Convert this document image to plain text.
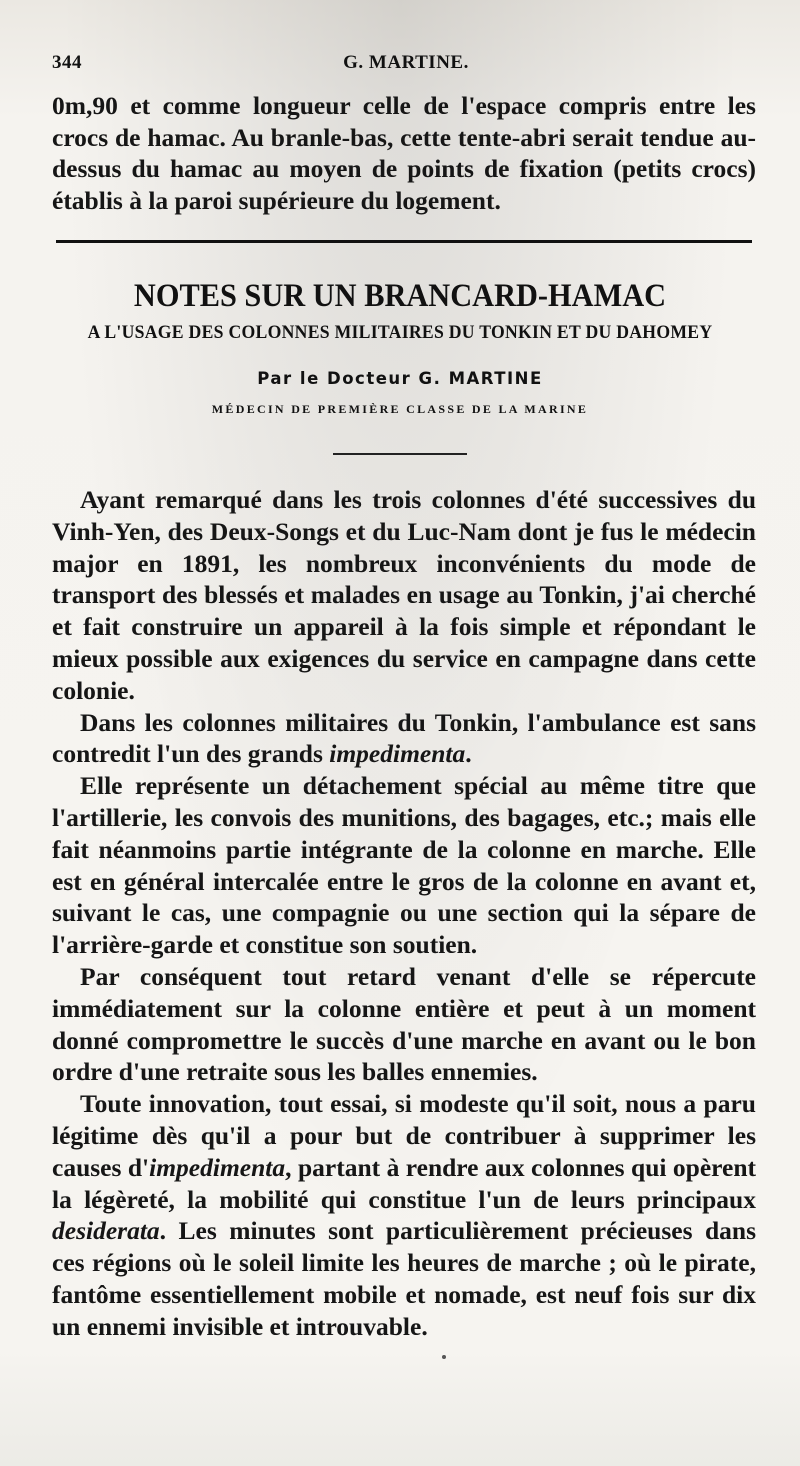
344	G. MARTINE.

0m,90 et comme longueur celle de l'espace compris entre les crocs de hamac. Au branle-bas, cette tente-abri serait tendue au-dessus du hamac au moyen de points de fixation (petits crocs) établis à la paroi supérieure du logement.

NOTES SUR UN BRANCARD-HAMAC
A L'USAGE DES COLONNES MILITAIRES DU TONKIN ET DU DAHOMEY
Par le Docteur G. MARTINE
MÉDECIN DE PREMIÈRE CLASSE DE LA MARINE

Ayant remarqué dans les trois colonnes d'été successives du Vinh-Yen, des Deux-Songs et du Luc-Nam dont je fus le médecin major en 1891, les nombreux inconvénients du mode de transport des blessés et malades en usage au Tonkin, j'ai cherché et fait construire un appareil à la fois simple et répondant le mieux possible aux exigences du service en campagne dans cette colonie.

Dans les colonnes militaires du Tonkin, l'ambulance est sans contredit l'un des grands impedimenta.

Elle représente un détachement spécial au même titre que l'artillerie, les convois des munitions, des bagages, etc.; mais elle fait néanmoins partie intégrante de la colonne en marche. Elle est en général intercalée entre le gros de la colonne en avant et, suivant le cas, une compagnie ou une section qui la sépare de l'arrière-garde et constitue son soutien.

Par conséquent tout retard venant d'elle se répercute immédiatement sur la colonne entière et peut à un moment donné compromettre le succès d'une marche en avant ou le bon ordre d'une retraite sous les balles ennemies.

Toute innovation, tout essai, si modeste qu'il soit, nous a paru légitime dès qu'il a pour but de contribuer à supprimer les causes d'impedimenta, partant à rendre aux colonnes qui opèrent la légèreté, la mobilité qui constitue l'un de leurs principaux desiderata. Les minutes sont particulièrement précieuses dans ces régions où le soleil limite les heures de marche ; où le pirate, fantôme essentiellement mobile et nomade, est neuf fois sur dix un ennemi invisible et introuvable.
